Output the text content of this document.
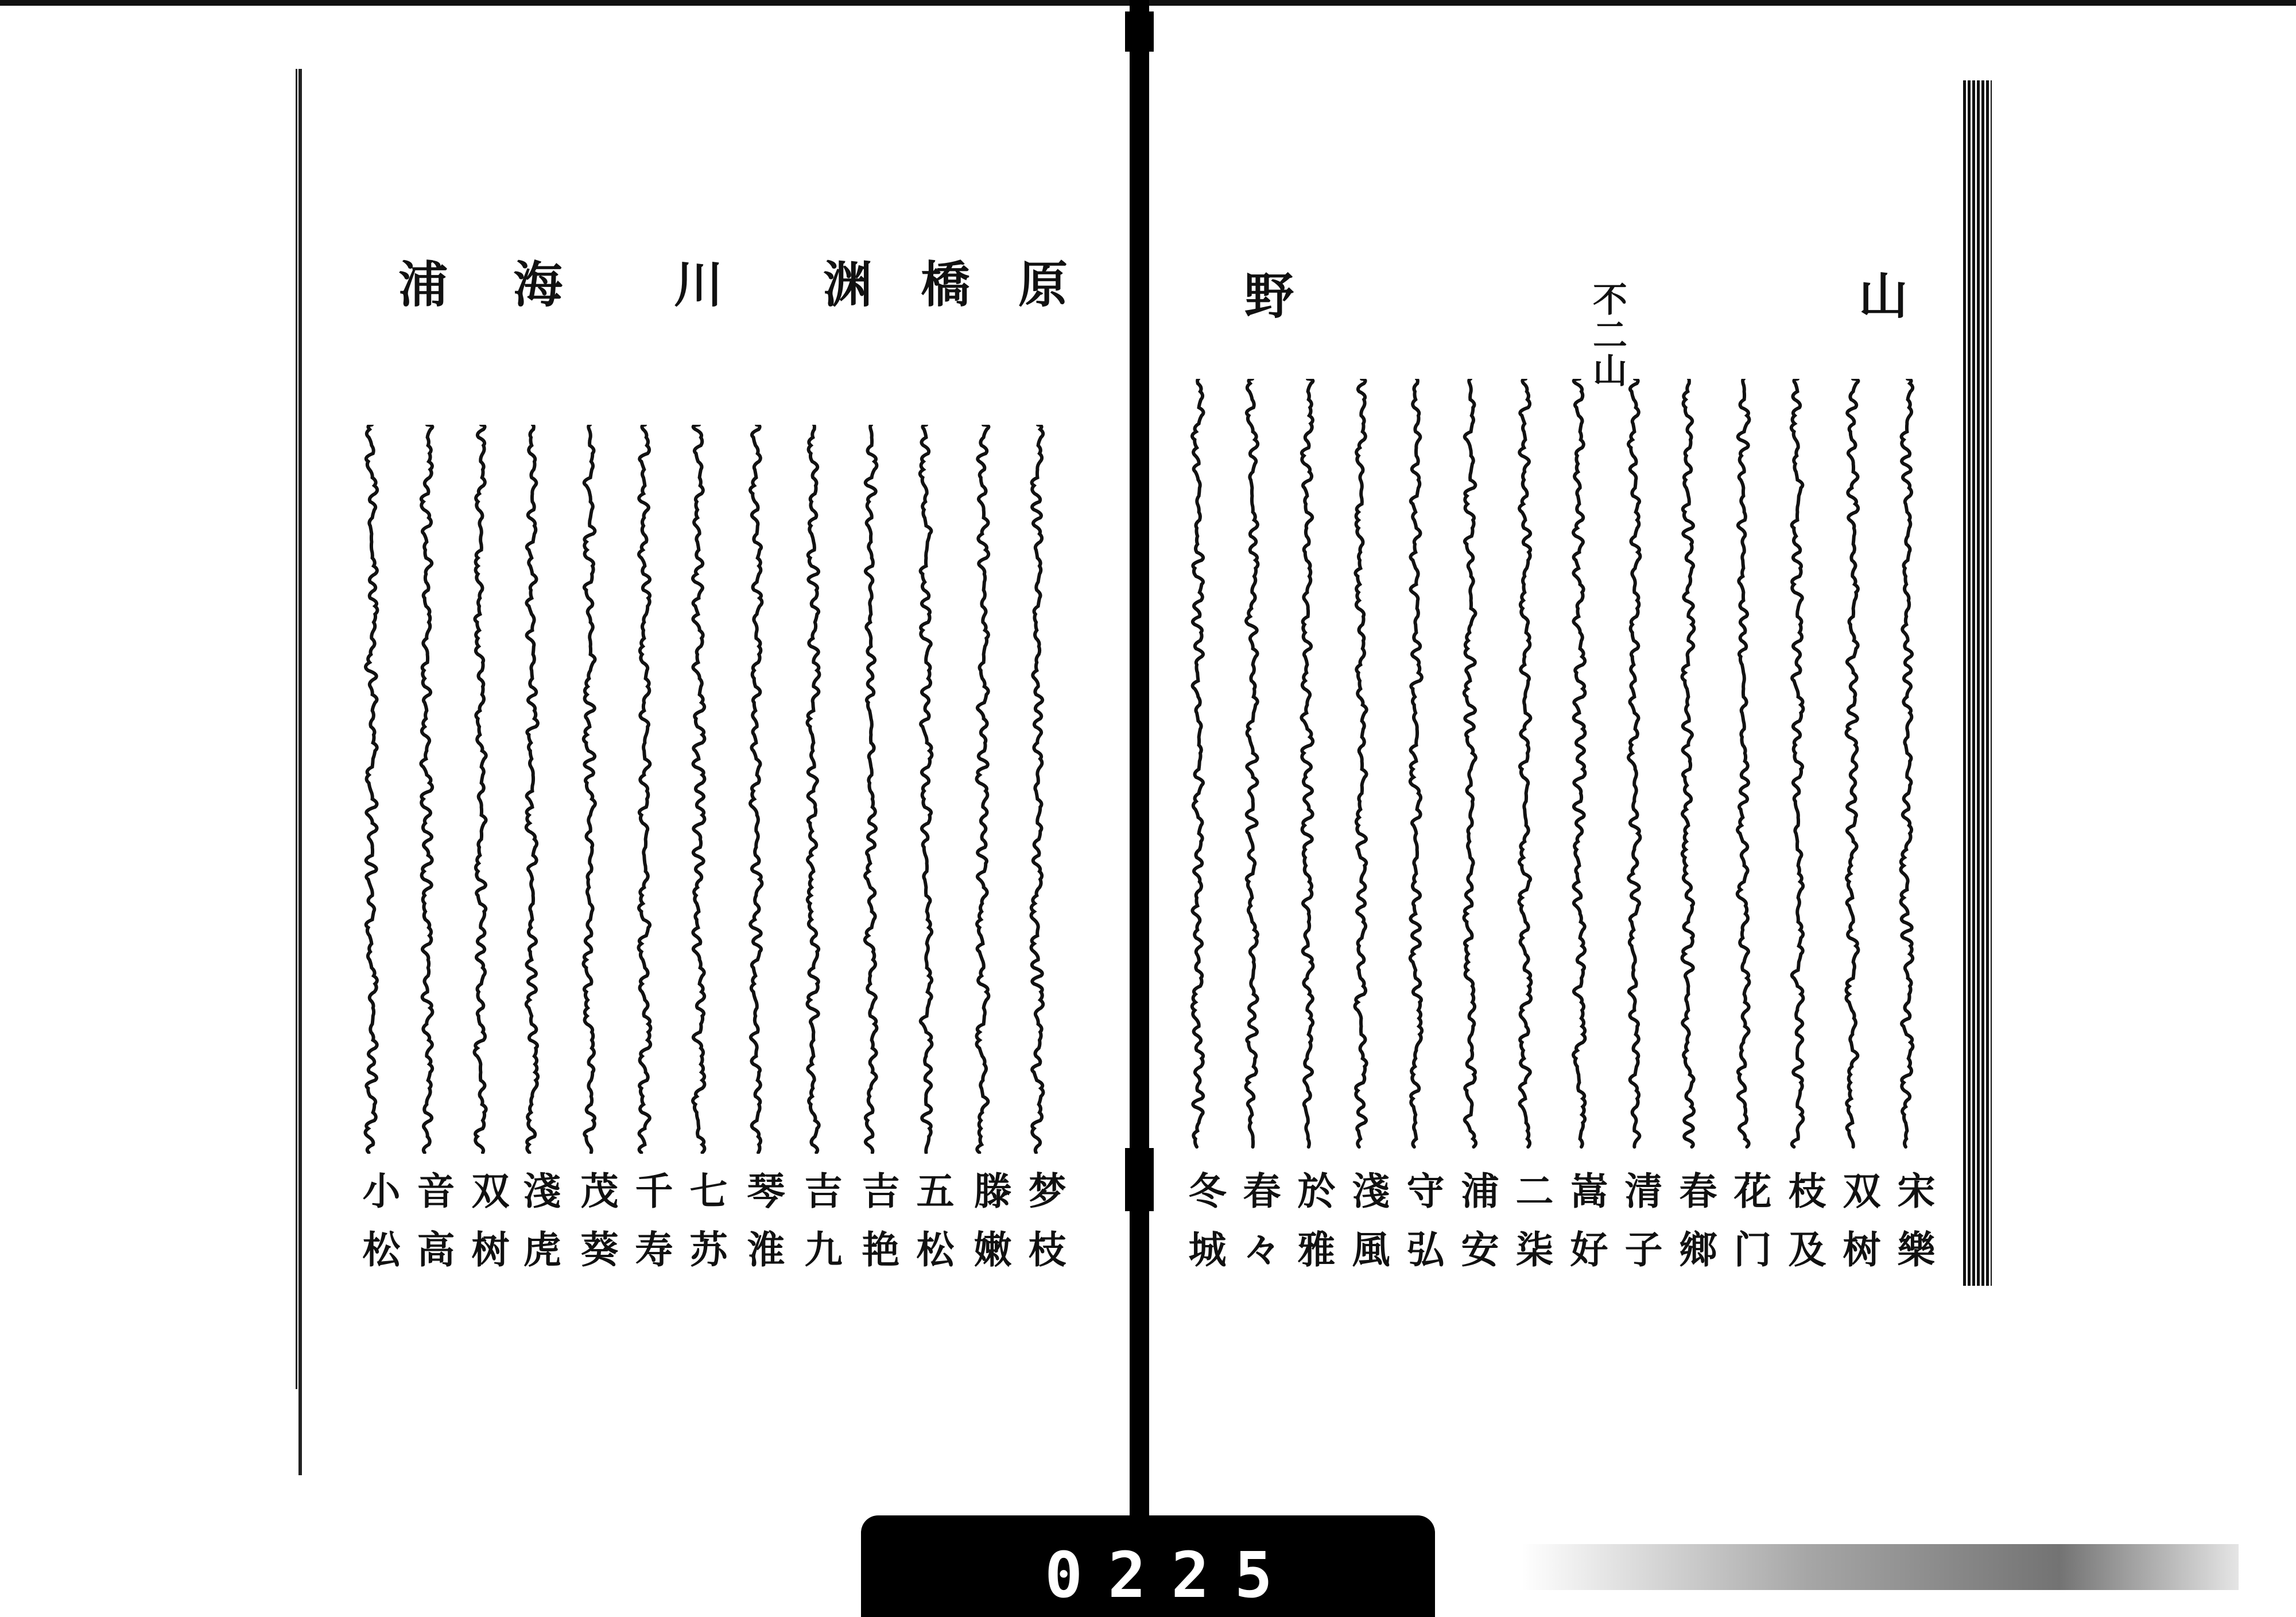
原
橋
渊
川
海
浦
梦枝
滕嫩
五松
吉艳
吉九
琴淮
七苏
千寿
茂葵
淺虎
双树
音高
小松
山
不二山
野
宋樂
双树
枝及
花门
春鄉
清子
嵩好
二柒
浦安
守弘
淺風
於雅
春々
冬城
0225
